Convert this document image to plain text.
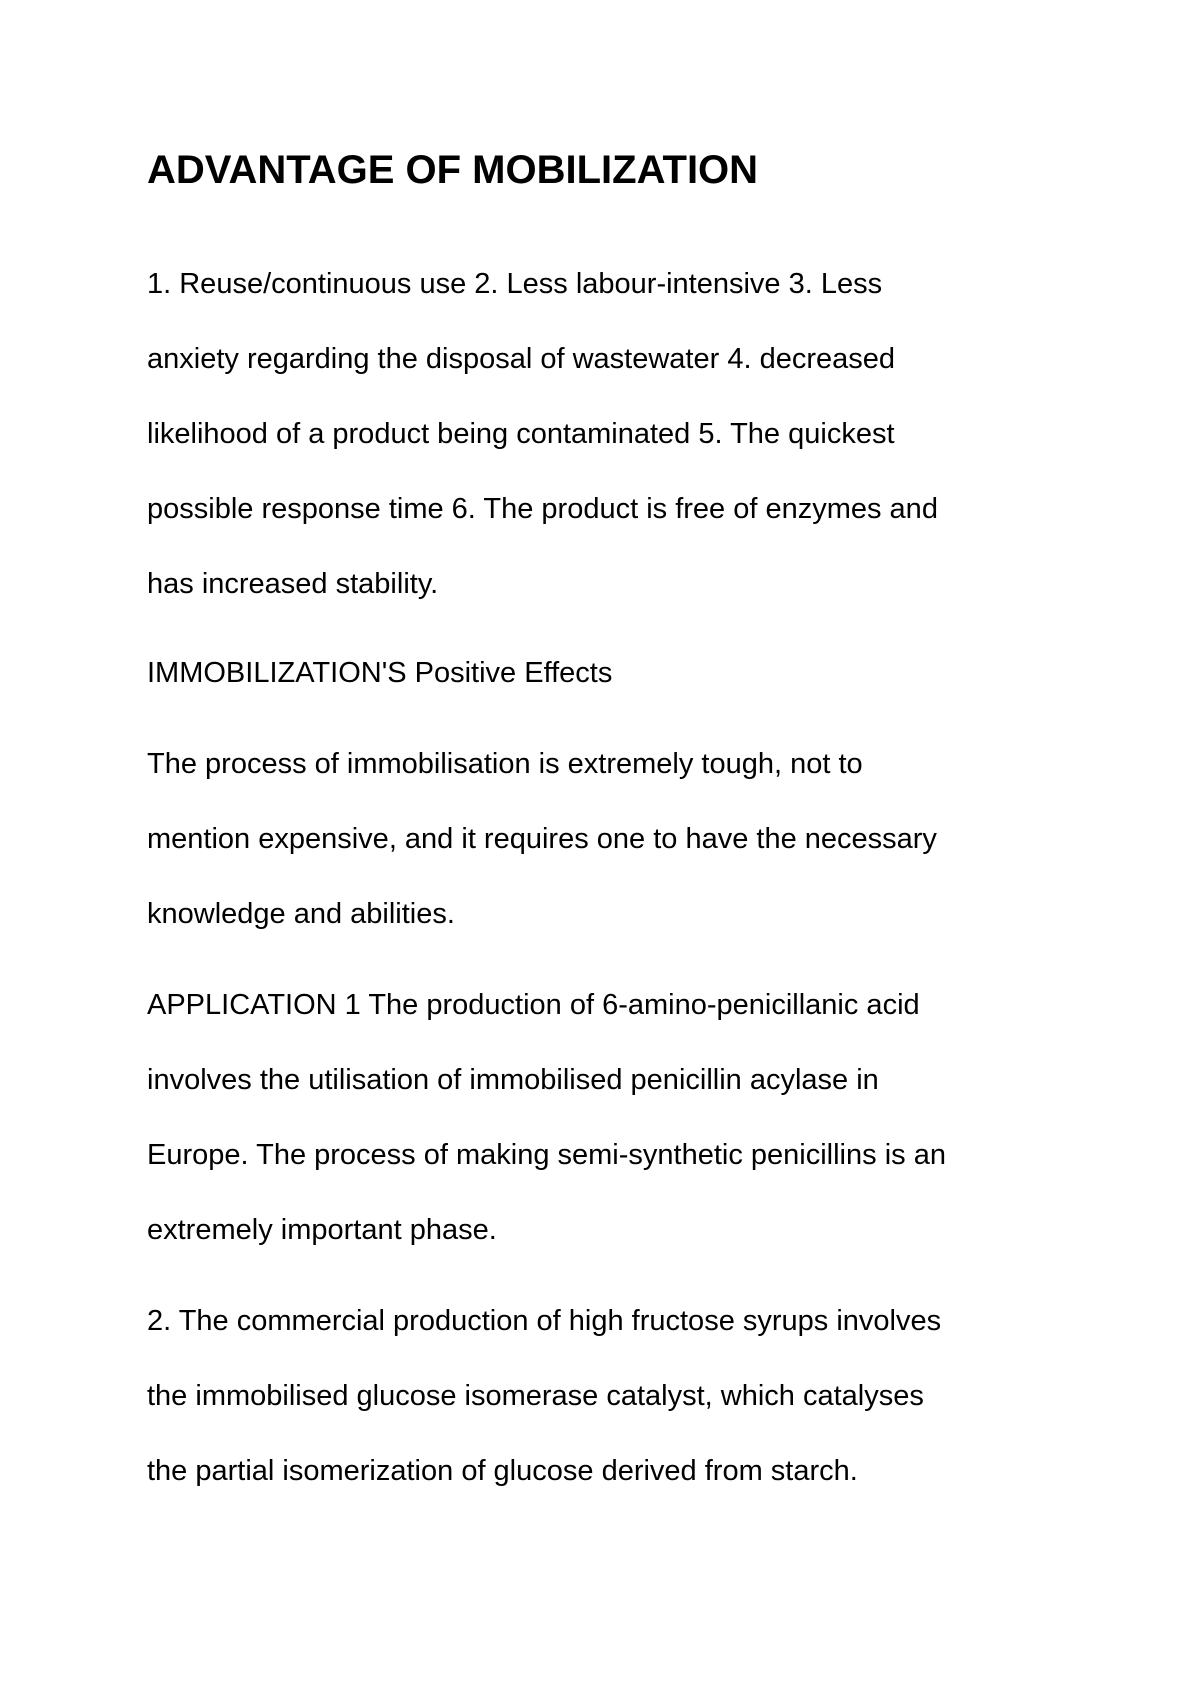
ADVANTAGE OF MOBILIZATION

1. Reuse/continuous use 2. Less labour-intensive 3. Less
anxiety regarding the disposal of wastewater 4. decreased
likelihood of a product being contaminated 5. The quickest
possible response time 6. The product is free of enzymes and
has increased stability.

IMMOBILIZATION'S Positive Effects

The process of immobilisation is extremely tough, not to
mention expensive, and it requires one to have the necessary
knowledge and abilities.

APPLICATION 1 The production of 6-amino-penicillanic acid
involves the utilisation of immobilised penicillin acylase in
Europe. The process of making semi-synthetic penicillins is an
extremely important phase.

2. The commercial production of high fructose syrups involves
the immobilised glucose isomerase catalyst, which catalyses
the partial isomerization of glucose derived from starch.
